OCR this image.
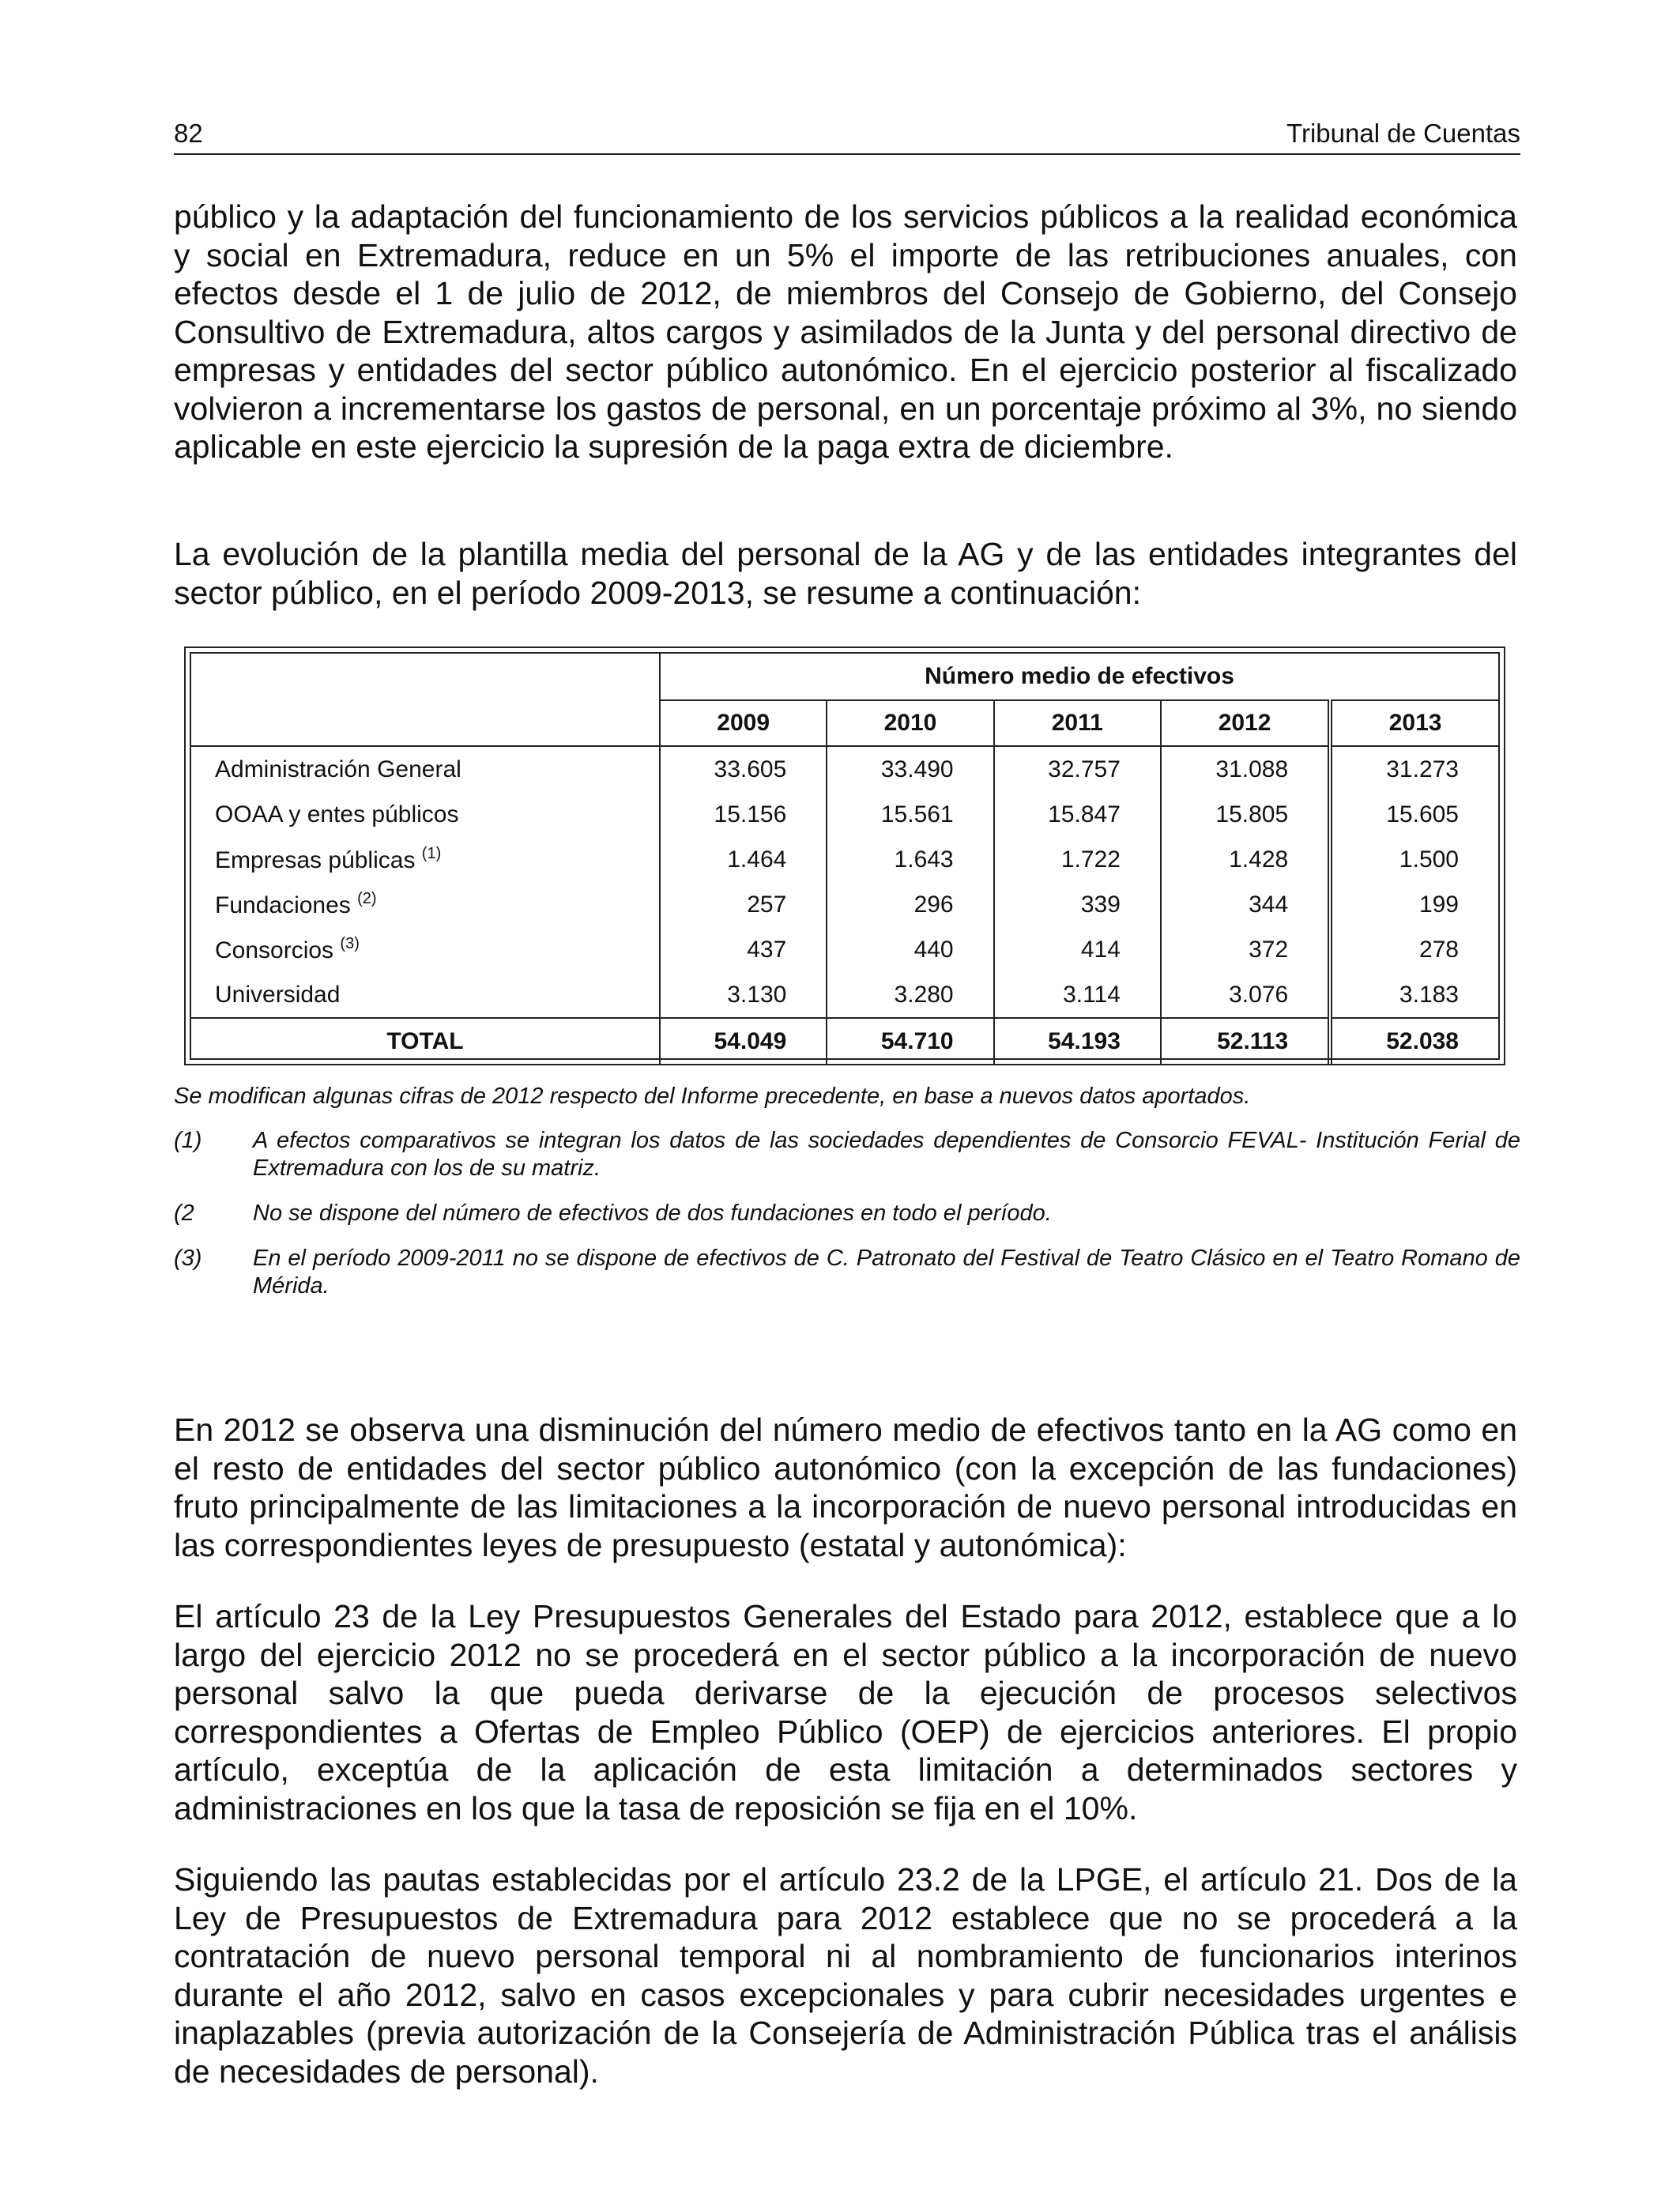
82	Tribunal de Cuentas

público y la adaptación del funcionamiento de los servicios públicos a la realidad económica y social en Extremadura, reduce en un 5% el importe de las retribuciones anuales, con efectos desde el 1 de julio de 2012, de miembros del Consejo de Gobierno, del Consejo Consultivo de Extremadura, altos cargos y asimilados de la Junta y del personal directivo de empresas y entidades del sector público autonómico. En el ejercicio posterior al fiscalizado volvieron a incrementarse los gastos de personal, en un porcentaje próximo al 3%, no siendo aplicable en este ejercicio la supresión de la paga extra de diciembre.

La evolución de la plantilla media del personal de la AG y de las entidades integrantes del sector público, en el período 2009-2013, se resume a continuación:

	Número medio de efectivos				
	2009	2010	2011	2012	2013
Administración General	33.605	33.490	32.757	31.088	31.273
OOAA y entes públicos	15.156	15.561	15.847	15.805	15.605
Empresas públicas $^{(1)}$	1.464	1.643	1.722	1.428	1.500
Fundaciones $^{(2)}$	257	296	339	344	199
Consorcios $^{(3)}$	437	440	414	372	278
Universidad	3.130	3.280	3.114	3.076	3.183
TOTAL	54.049	54.710	54.193	52.113	52.038

Se modifican algunas cifras de 2012 respecto del Informe precedente, en base a nuevos datos aportados.

(1) A efectos comparativos se integran los datos de las sociedades dependientes de Consorcio FEVAL- Institución Ferial de Extremadura con los de su matriz.
(2	No se dispone del número de efectivos de dos fundaciones en todo el período.
(3) En el período 2009-2011 no se dispone de efectivos de C. Patronato del Festival de Teatro Clásico en el Teatro Romano de Mérida.

En 2012 se observa una disminución del número medio de efectivos tanto en la AG como en el resto de entidades del sector público autonómico (con la excepción de las fundaciones) fruto principalmente de las limitaciones a la incorporación de nuevo personal introducidas en las correspondientes leyes de presupuesto (estatal y autonómica):

El artículo 23 de la Ley Presupuestos Generales del Estado para 2012, establece que a lo largo del ejercicio 2012 no se procederá en el sector público a la incorporación de nuevo personal salvo la que pueda derivarse de la ejecución de procesos selectivos correspondientes a Ofertas de Empleo Público (OEP) de ejercicios anteriores. El propio artículo, exceptúa de la aplicación de esta limitación a determinados sectores y administraciones en los que la tasa de reposición se fija en el 10%.

Siguiendo las pautas establecidas por el artículo 23.2 de la LPGE, el artículo 21. Dos de la Ley de Presupuestos de Extremadura para 2012 establece que no se procederá a la contratación de nuevo personal temporal ni al nombramiento de funcionarios interinos durante el año 2012, salvo en casos excepcionales y para cubrir necesidades urgentes e inaplazables (previa autorización de la Consejería de Administración Pública tras el análisis de necesidades de personal).
